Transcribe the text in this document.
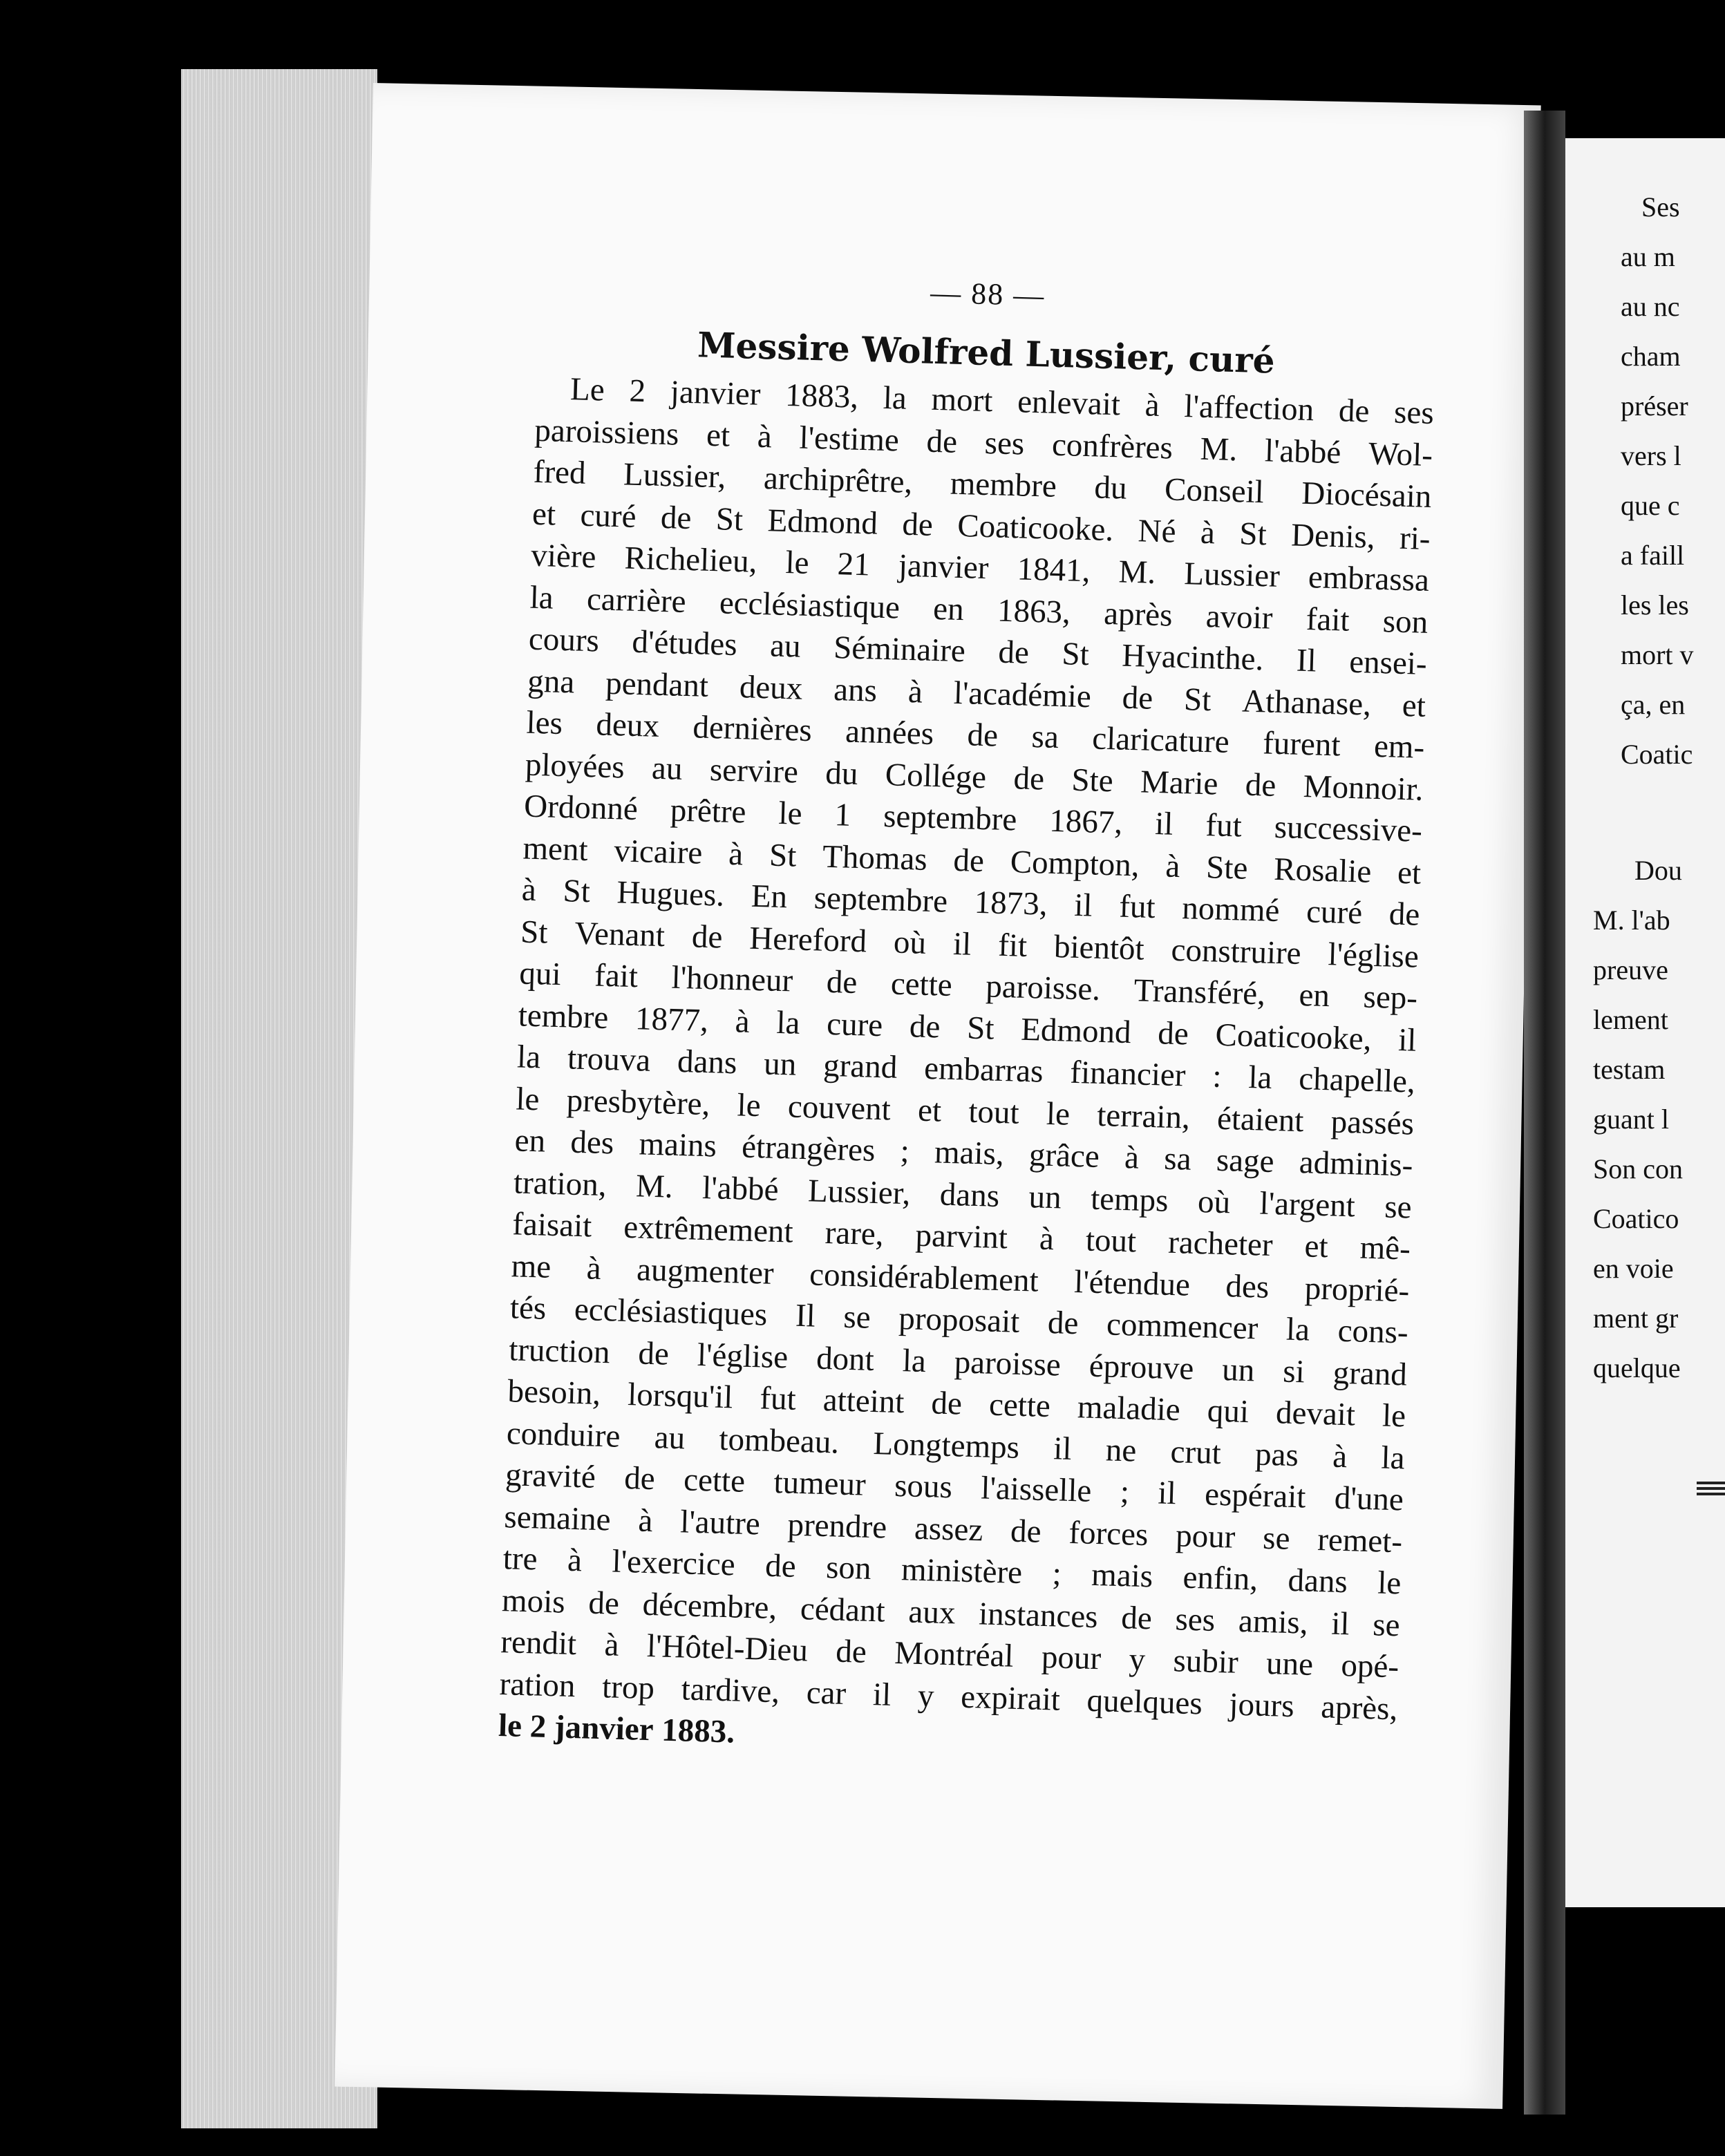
Ses
au m
au nc
cham
préser
vers l
que c
a faill
les les
mort v
ça, en
Coatic
Dou
M. l'ab
preuve
lement
testam
guant l
Son con
Coatico
en voie
ment gr
quelque
— 88 —
Messire Wolfred Lussier, curé
Le 2 janvier 1883, la mort enlevait à l'affection de ses
paroissiens et à l'estime de ses confrères M. l'abbé Wol-
fred Lussier, archiprêtre, membre du Conseil Diocésain
et curé de St Edmond de Coaticooke. Né à St Denis, ri-
vière Richelieu, le 21 janvier 1841, M. Lussier embrassa
la carrière ecclésiastique en 1863, après avoir fait son
cours d'études au Séminaire de St Hyacinthe. Il ensei-
gna pendant deux ans à l'académie de St Athanase, et
les deux dernières années de sa claricature furent em-
ployées au servire du Collége de Ste Marie de Monnoir.
Ordonné prêtre le 1 septembre 1867, il fut successive-
ment vicaire à St Thomas de Compton, à Ste Rosalie et
à St Hugues. En septembre 1873, il fut nommé curé de
St Venant de Hereford où il fit bientôt construire l'église
qui fait l'honneur de cette paroisse. Transféré, en sep-
tembre 1877, à la cure de St Edmond de Coaticooke, il
la trouva dans un grand embarras financier : la chapelle,
le presbytère, le couvent et tout le terrain, étaient passés
en des mains étrangères ; mais, grâce à sa sage adminis-
tration, M. l'abbé Lussier, dans un temps où l'argent se
faisait extrêmement rare, parvint à tout racheter et mê-
me à augmenter considérablement l'étendue des proprié-
tés ecclésiastiques Il se proposait de commencer la cons-
truction de l'église dont la paroisse éprouve un si grand
besoin, lorsqu'il fut atteint de cette maladie qui devait le
conduire au tombeau. Longtemps il ne crut pas à la
gravité de cette tumeur sous l'aisselle ; il espérait d'une
semaine à l'autre prendre assez de forces pour se remet-
tre à l'exercice de son ministère ; mais enfin, dans le
mois de décembre, cédant aux instances de ses amis, il se
rendit à l'Hôtel-Dieu de Montréal pour y subir une opé-
ration trop tardive, car il y expirait quelques jours après,
le
2
janvier
1883.
